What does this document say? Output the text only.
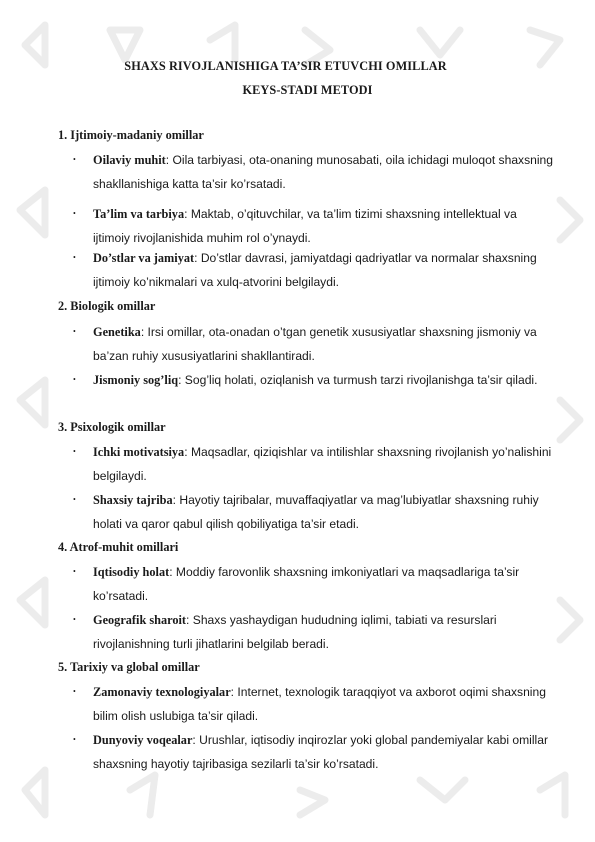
SHAXS RIVOJLANISHIGA TA’SIR ETUVCHI OMILLAR
KEYS-STADI METODI
1. Ijtimoiy-madaniy omillar
• Oilaviy muhit: Oila tarbiyasi, ota-onaning munosabati, oila ichidagi muloqot shaxsning shakllanishiga katta ta’sir ko’rsatadi.
• Ta’lim va tarbiya: Maktab, o’qituvchilar, va ta’lim tizimi shaxsning intellektual va ijtimoiy rivojlanishida muhim rol o’ynaydi.
• Do’stlar va jamiyat: Do’stlar davrasi, jamiyatdagi qadriyatlar va normalar shaxsning ijtimoiy ko’nikmalari va xulq-atvorini belgilaydi.
2. Biologik omillar
• Genetika: Irsi omillar, ota-onadan o’tgan genetik xususiyatlar shaxsning jismoniy va ba’zan ruhiy xususiyatlarini shakllantiradi.
• Jismoniy sog’liq: Sog’liq holati, oziqlanish va turmush tarzi rivojlanishga ta’sir qiladi.
3. Psixologik omillar
• Ichki motivatsiya: Maqsadlar, qiziqishlar va intilishlar shaxsning rivojlanish yo’nalishini belgilaydi.
• Shaxsiy tajriba: Hayotiy tajribalar, muvaffaqiyatlar va mag’lubiyatlar shaxsning ruhiy holati va qaror qabul qilish qobiliyatiga ta’sir etadi.
4. Atrof-muhit omillari
• Iqtisodiy holat: Moddiy farovonlik shaxsning imkoniyatlari va maqsadlariga ta’sir ko’rsatadi.
• Geografik sharoit: Shaxs yashaydigan hududning iqlimi, tabiati va resurslari rivojlanishning turli jihatlarini belgilab beradi.
5. Tarixiy va global omillar
• Zamonaviy texnologiyalar: Internet, texnologik taraqqiyot va axborot oqimi shaxsning bilim olish uslubiga ta’sir qiladi.
• Dunyoviy voqealar: Urushlar, iqtisodiy inqirozlar yoki global pandemiyalar kabi omillar shaxsning hayotiy tajribasiga sezilarli ta’sir ko’rsatadi.
